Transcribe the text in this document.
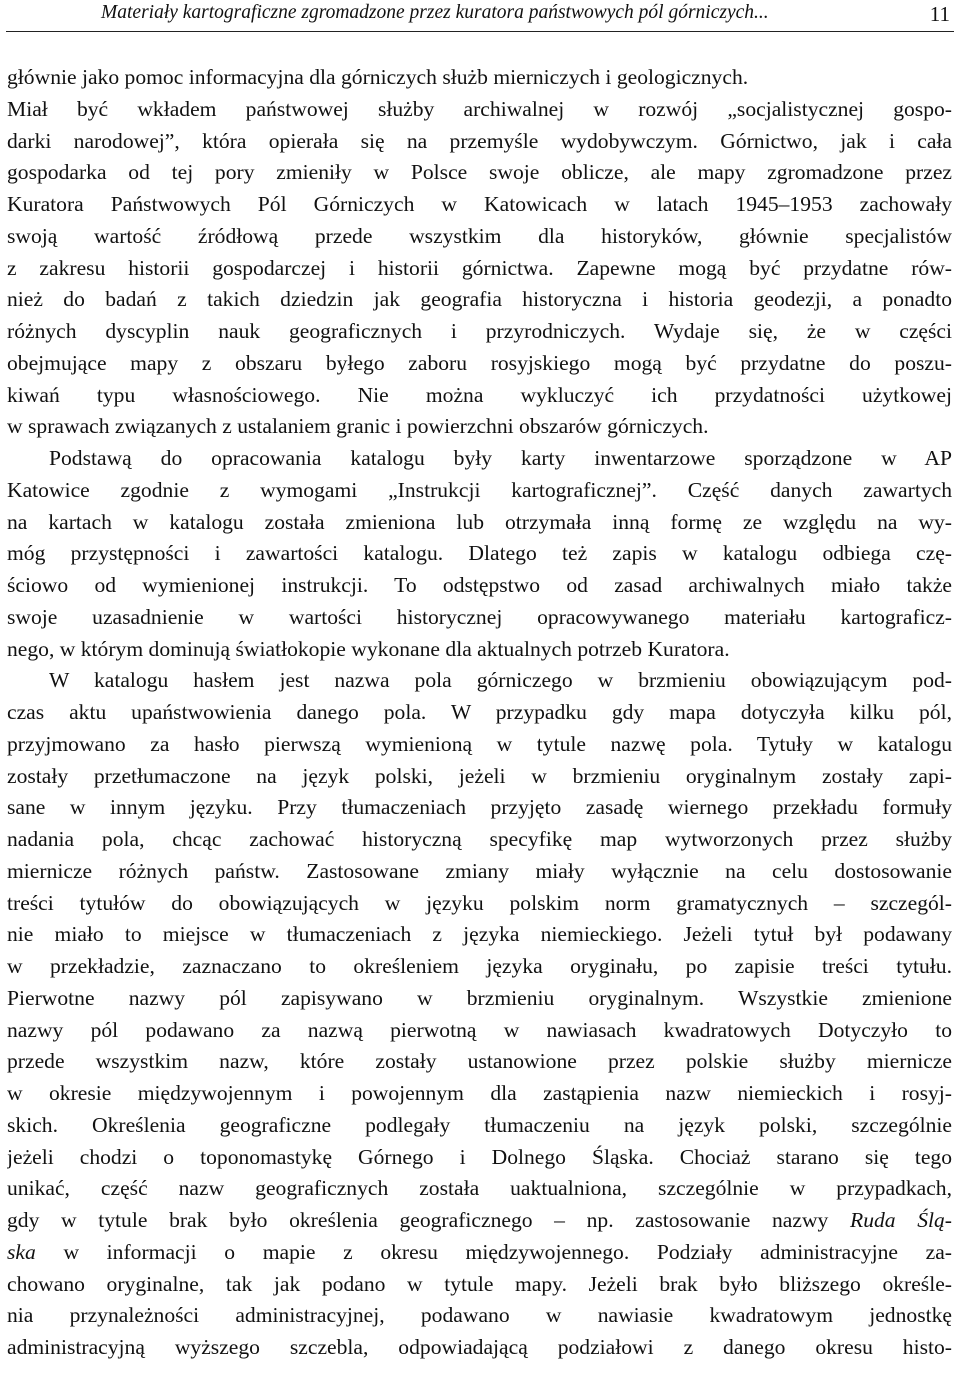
Materiały kartograficzne zgromadzone przez kuratora państwowych pól górniczych...	11
głównie jako pomoc informacyjna dla górniczych służb mierniczych i geologicznych.
Miał być wkładem państwowej służby archiwalnej w rozwój „socjalistycznej gospo-
darki narodowej”, która opierała się na przemyśle wydobywczym. Górnictwo, jak i cała
gospodarka od tej pory zmieniły w Polsce swoje oblicze, ale mapy zgromadzone przez
Kuratora Państwowych Pól Górniczych w Katowicach w latach 1945–1953 zachowały
swoją wartość źródłową przede wszystkim dla historyków, głównie specjalistów
z zakresu historii gospodarczej i historii górnictwa. Zapewne mogą być przydatne rów-
nież do badań z takich dziedzin jak geografia historyczna i historia geodezji, a ponadto
różnych dyscyplin nauk geograficznych i przyrodniczych. Wydaje się, że w części
obejmujące mapy z obszaru byłego zaboru rosyjskiego mogą być przydatne do poszu-
kiwań typu własnościowego. Nie można wykluczyć ich przydatności użytkowej
w sprawach związanych z ustalaniem granic i powierzchni obszarów górniczych.
Podstawą do opracowania katalogu były karty inwentarzowe sporządzone w AP
Katowice zgodnie z wymogami „Instrukcji kartograficznej”. Część danych zawartych
na kartach w katalogu została zmieniona lub otrzymała inną formę ze względu na wy-
móg przystępności i zawartości katalogu. Dlatego też zapis w katalogu odbiega czę-
ściowo od wymienionej instrukcji. To odstępstwo od zasad archiwalnych miało także
swoje uzasadnienie w wartości historycznej opracowywanego materiału kartograficz-
nego, w którym dominują światłokopie wykonane dla aktualnych potrzeb Kuratora.
W katalogu hasłem jest nazwa pola górniczego w brzmieniu obowiązującym pod-
czas aktu upaństwowienia danego pola. W przypadku gdy mapa dotyczyła kilku pól,
przyjmowano za hasło pierwszą wymienioną w tytule nazwę pola. Tytuły w katalogu
zostały przetłumaczone na język polski, jeżeli w brzmieniu oryginalnym zostały zapi-
sane w innym języku. Przy tłumaczeniach przyjęto zasadę wiernego przekładu formuły
nadania pola, chcąc zachować historyczną specyfikę map wytworzonych przez służby
miernicze różnych państw. Zastosowane zmiany miały wyłącznie na celu dostosowanie
treści tytułów do obowiązujących w języku polskim norm gramatycznych – szczegól-
nie miało to miejsce w tłumaczeniach z języka niemieckiego. Jeżeli tytuł był podawany
w przekładzie, zaznaczano to określeniem języka oryginału, po zapisie treści tytułu.
Pierwotne nazwy pól zapisywano w brzmieniu oryginalnym. Wszystkie zmienione
nazwy pól podawano za nazwą pierwotną w nawiasach kwadratowych Dotyczyło to
przede wszystkim nazw, które zostały ustanowione przez polskie służby miernicze
w okresie międzywojennym i powojennym dla zastąpienia nazw niemieckich i rosyj-
skich. Określenia geograficzne podlegały tłumaczeniu na język polski, szczególnie
jeżeli chodzi o toponomastykę Górnego i Dolnego Śląska. Chociaż starano się tego
unikać, część nazw geograficznych została uaktualniona, szczególnie w przypadkach,
gdy w tytule brak było określenia geograficznego – np. zastosowanie nazwy Ruda Ślą-
ska w informacji o mapie z okresu międzywojennego. Podziały administracyjne za-
chowano oryginalne, tak jak podano w tytule mapy. Jeżeli brak było bliższego określe-
nia przynależności administracyjnej, podawano w nawiasie kwadratowym jednostkę
administracyjną wyższego szczebla, odpowiadającą podziałowi z danego okresu histo-
